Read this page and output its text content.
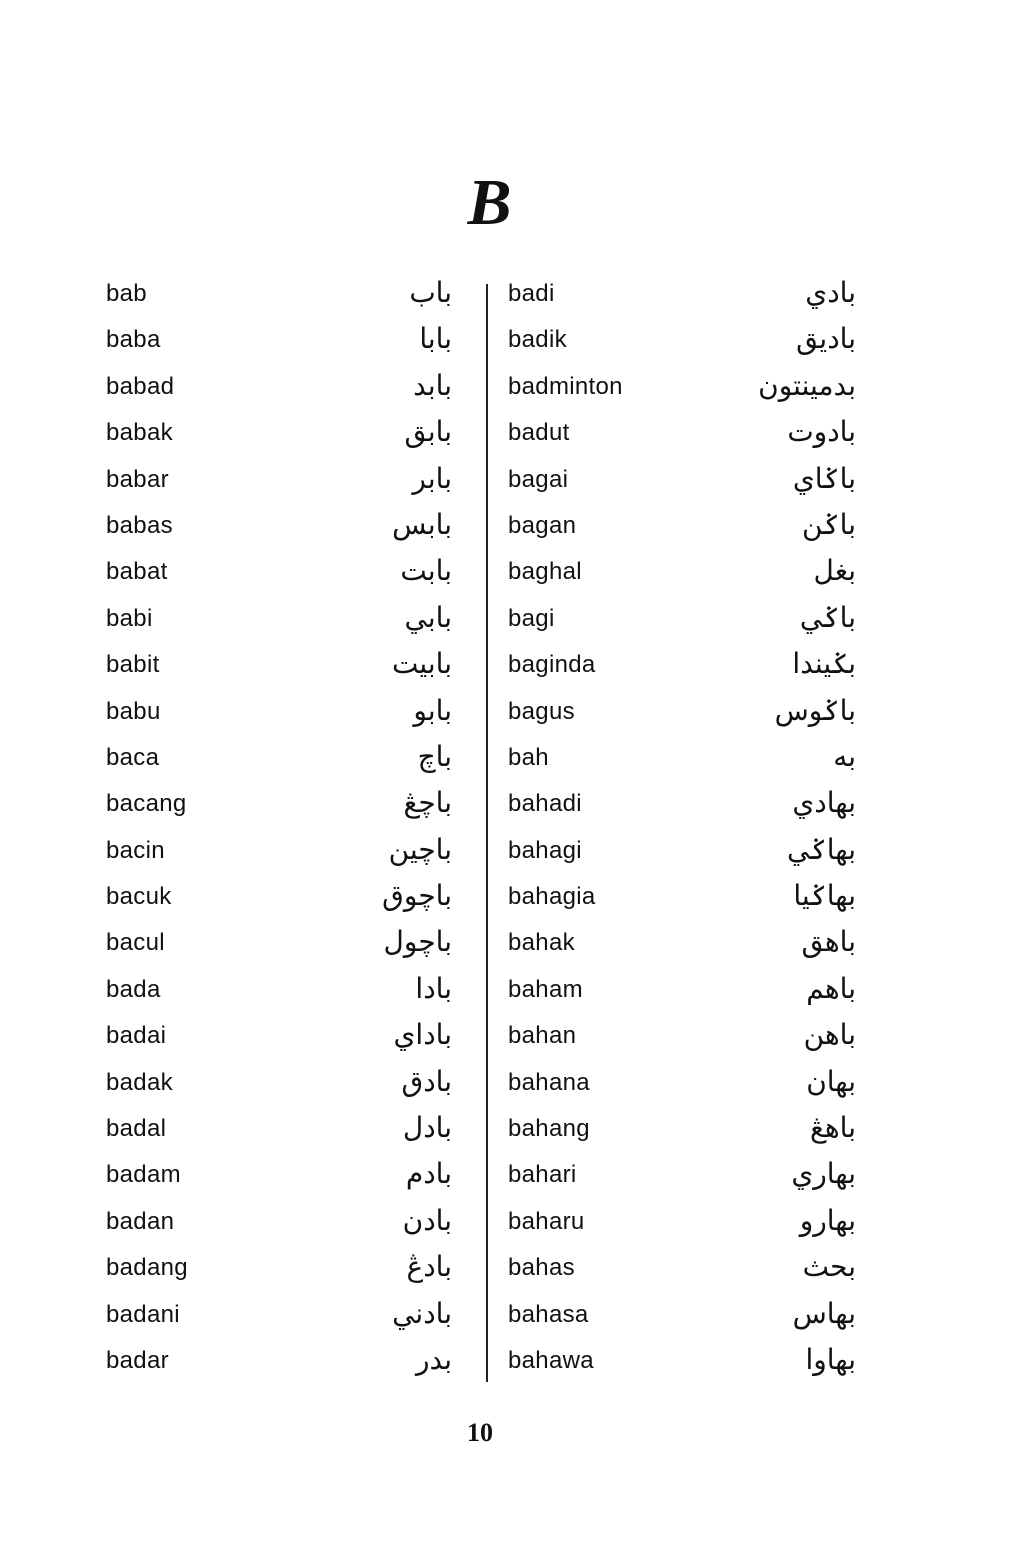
B
bab	باب
baba	بابا
babad	بابد
babak	بابق
babar	بابر
babas	بابس
babat	بابت
babi	بابي
babit	بابيت
babu	بابو
baca	باچ
bacang	باچڠ
bacin	باچين
bacuk	باچوق
bacul	باچول
bada	بادا
badai	باداي
badak	بادق
badal	بادل
badam	بادم
badan	بادن
badang	بادڠ
badani	بادني
badar	بدر
badi	بادي
badik	باديق
badminton	بدمينتون
badut	بادوت
bagai	باݢاي
bagan	باݢن
baghal	بغل
bagi	باݢي
baginda	بݢيندا
bagus	باݢوس
bah	به
bahadi	بهادي
bahagi	بهاݢي
bahagia	بهاݢيا
bahak	باهق
baham	باهم
bahan	باهن
bahana	بهان
bahang	باهڠ
bahari	بهاري
baharu	بهارو
bahas	بحث
bahasa	بهاس
bahawa	بهاوا
10
